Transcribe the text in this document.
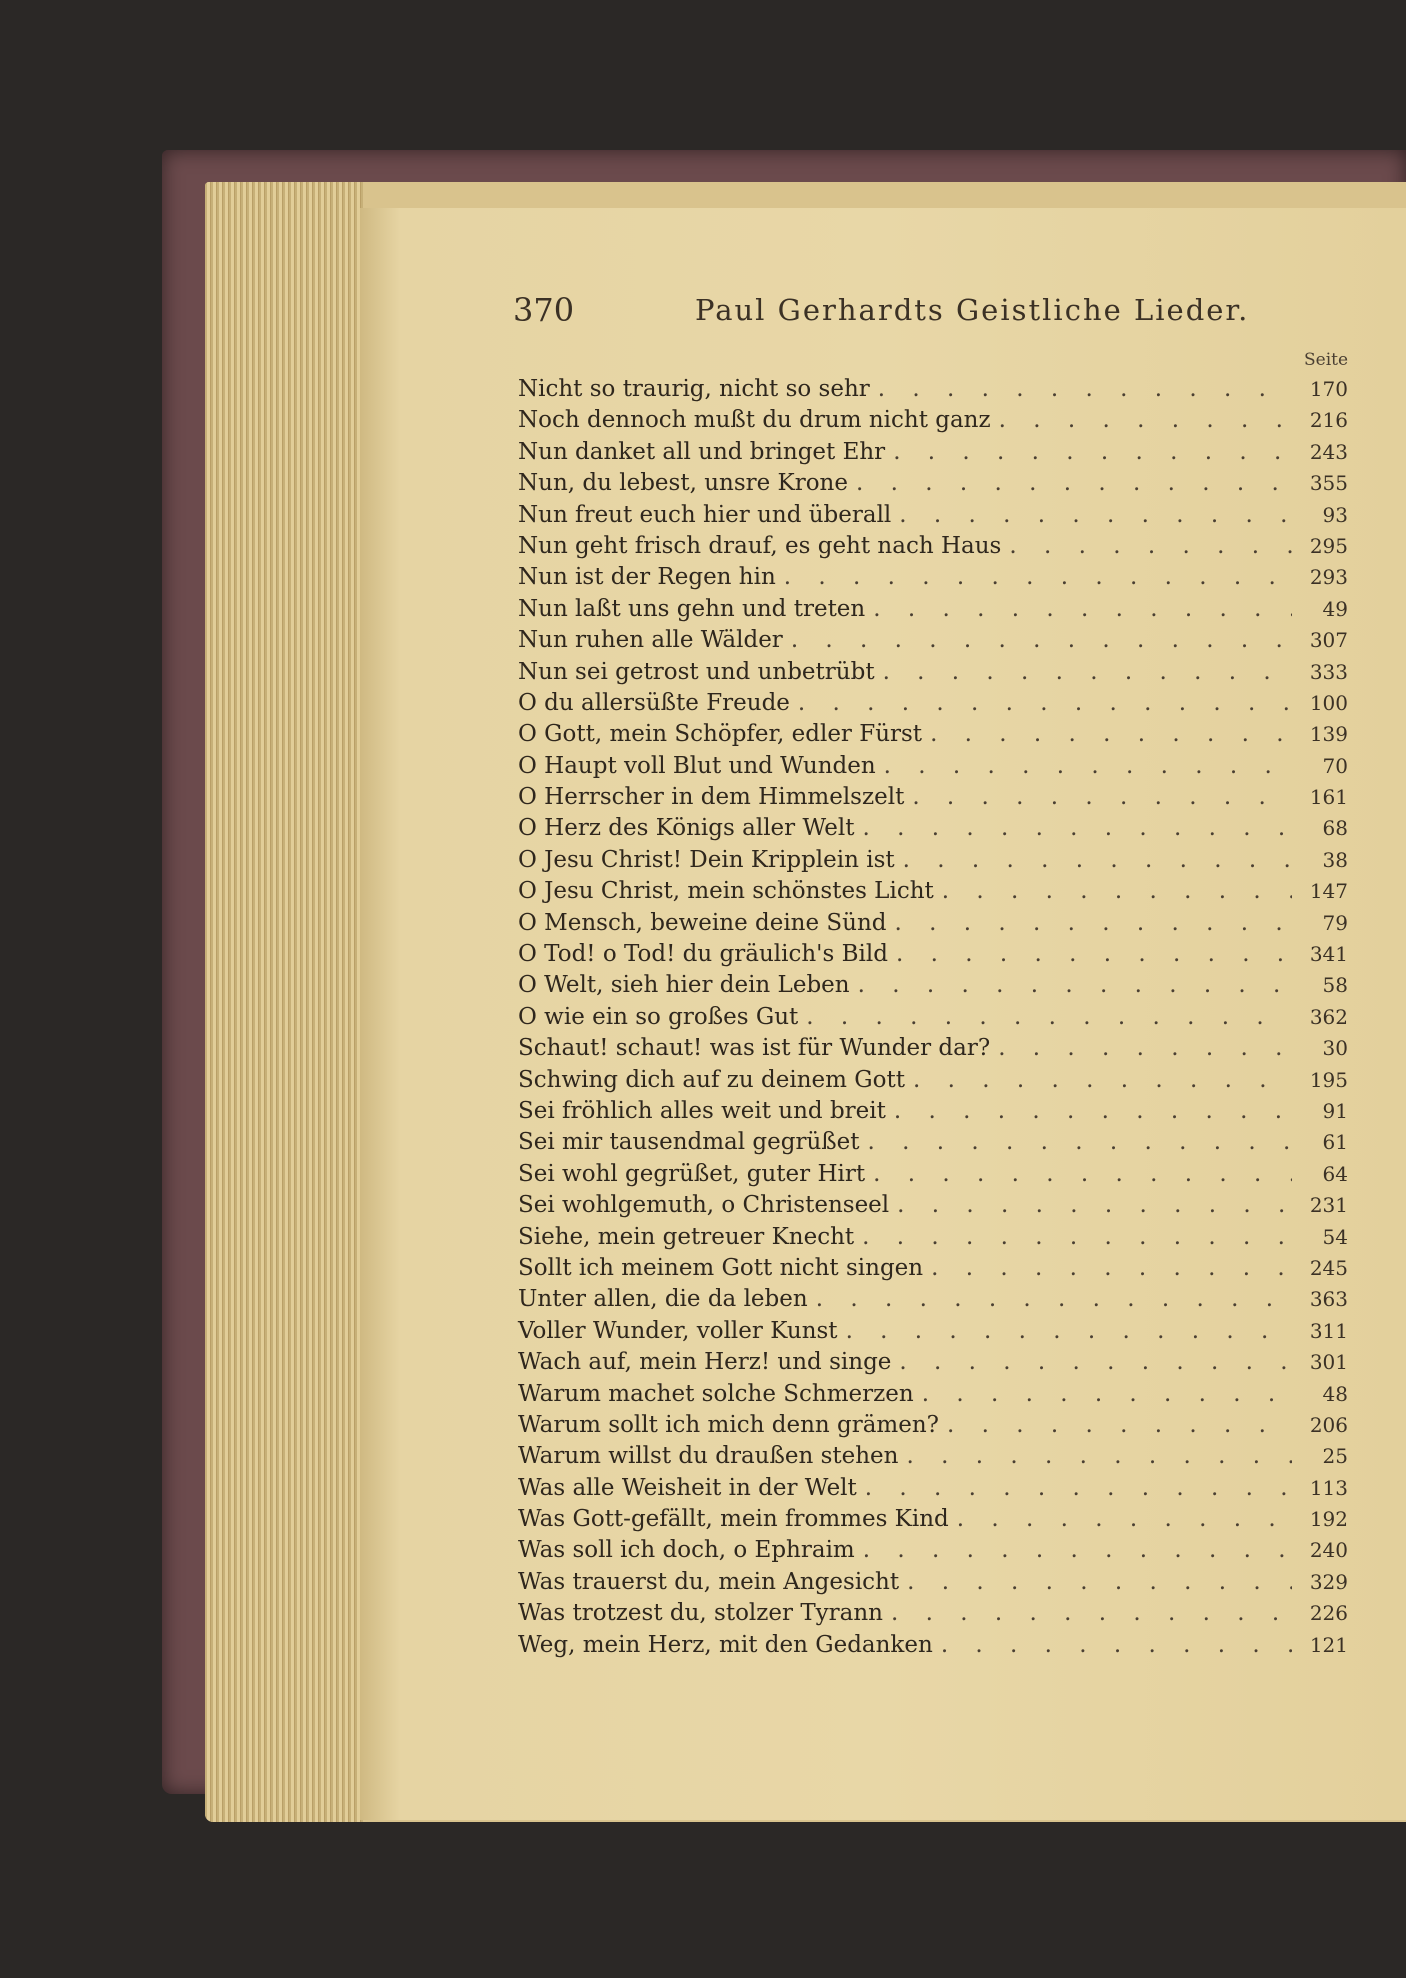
370	Paul Gerhardts Geistliche Lieder.
Seite
Nicht so traurig, nicht so sehr . . .	170
Noch dennoch mußt du drum nicht ganz . . .	216
Nun danket all und bringet Ehr . . .	243
Nun, du lebest, unsre Krone . . .	355
Nun freut euch hier und überall . . .	93
Nun geht frisch drauf, es geht nach Haus . . .	295
Nun ist der Regen hin . . .	293
Nun laßt uns gehn und treten . . .	49
Nun ruhen alle Wälder . . .	307
Nun sei getrost und unbetrübt . . .	333
O du allersüßte Freude . . .	100
O Gott, mein Schöpfer, edler Fürst . . .	139
O Haupt voll Blut und Wunden . . .	70
O Herrscher in dem Himmelszelt . . .	161
O Herz des Königs aller Welt . . .	68
O Jesu Christ! Dein Kripplein ist . . .	38
O Jesu Christ, mein schönstes Licht . . .	147
O Mensch, beweine deine Sünd . . .	79
O Tod! o Tod! du gräulich's Bild . . .	341
O Welt, sieh hier dein Leben . . .	58
O wie ein so großes Gut . . .	362
Schaut! schaut! was ist für Wunder dar? . . .	30
Schwing dich auf zu deinem Gott . . .	195
Sei fröhlich alles weit und breit . . .	91
Sei mir tausendmal gegrüßet . . .	61
Sei wohl gegrüßet, guter Hirt . . .	64
Sei wohlgemuth, o Christenseel . . .	231
Siehe, mein getreuer Knecht . . .	54
Sollt ich meinem Gott nicht singen . . .	245
Unter allen, die da leben . . .	363
Voller Wunder, voller Kunst . . .	311
Wach auf, mein Herz! und singe . . .	301
Warum machet solche Schmerzen . . .	48
Warum sollt ich mich denn grämen? . . .	206
Warum willst du draußen stehen . . .	25
Was alle Weisheit in der Welt . . .	113
Was Gott-gefällt, mein frommes Kind . . .	192
Was soll ich doch, o Ephraim . . .	240
Was trauerst du, mein Angesicht . . .	329
Was trotzest du, stolzer Tyrann . . .	226
Weg, mein Herz, mit den Gedanken . . .	121
